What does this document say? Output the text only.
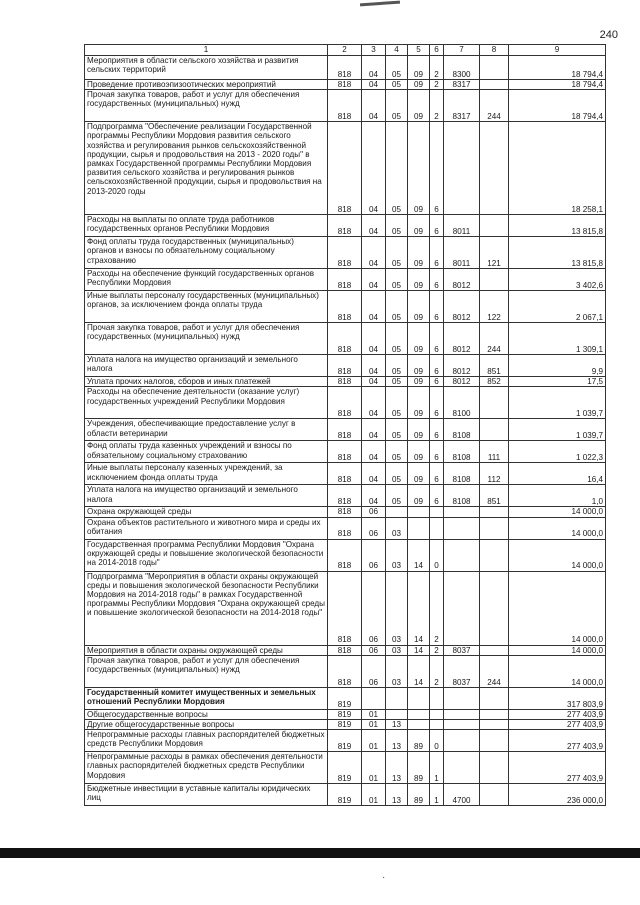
240
1	2	3	4	5	6	7	8	9
Мероприятия в области сельского хозяйства и развития сельских территорий	818	04	05	09	2	8300		18 794,4
Проведение противоэпизоотических мероприятий	818	04	05	09	2	8317		18 794,4
Прочая закупка товаров, работ и услуг для обеспечения государственных (муниципальных) нужд	818	04	05	09	2	8317	244	18 794,4
Подпрограмма "Обеспечение реализации Государственной программы Республики Мордовия развития сельского хозяйства и регулирования рынков сельскохозяйственной продукции, сырья и продовольствия на 2013 - 2020 годы" в рамках Государственной программы Республики Мордовия развития сельского хозяйства и регулирования рынков сельскохозяйственной продукции, сырья и продовольствия на 2013-2020 годы	818	04	05	09	6			18 258,1
Расходы на выплаты по оплате труда работников государственных органов Республики Мордовия	818	04	05	09	6	8011		13 815,8
Фонд оплаты труда государственных (муниципальных) органов и взносы по обязательному социальному страхованию	818	04	05	09	6	8011	121	13 815,8
Расходы на обеспечение функций государственных органов Республики Мордовия	818	04	05	09	6	8012		3 402,6
Иные выплаты персоналу государственных (муниципальных) органов, за исключением фонда оплаты труда	818	04	05	09	6	8012	122	2 067,1
Прочая закупка товаров, работ и услуг для обеспечения государственных (муниципальных) нужд	818	04	05	09	6	8012	244	1 309,1
Уплата налога на имущество организаций и земельного налога	818	04	05	09	6	8012	851	9,9
Уплата прочих налогов, сборов и иных платежей	818	04	05	09	6	8012	852	17,5
Расходы на обеспечение деятельности (оказание услуг) государственных учреждений Республики Мордовия	818	04	05	09	6	8100		1 039,7
Учреждения, обеспечивающие предоставление услуг в области ветеринарии	818	04	05	09	6	8108		1 039,7
Фонд оплаты труда казенных учреждений и взносы по обязательному социальному страхованию	818	04	05	09	6	8108	111	1 022,3
Иные выплаты персоналу казенных учреждений, за исключением фонда оплаты труда	818	04	05	09	6	8108	112	16,4
Уплата налога на имущество организаций и земельного налога	818	04	05	09	6	8108	851	1,0
Охрана окружающей среды	818	06						14 000,0
Охрана объектов растительного и животного мира и среды их обитания	818	06	03					14 000,0
Государственная программа Республики Мордовия "Охрана окружающей среды и повышение экологической безопасности на 2014-2018 годы"	818	06	03	14	0			14 000,0
Подпрограмма "Мероприятия в области охраны окружающей среды и повышения экологической безопасности Республики Мордовия на 2014-2018 годы" в рамках Государственной программы Республики Мордовия "Охрана окружающей среды и повышение экологической безопасности на 2014-2018 годы"	818	06	03	14	2			14 000,0
Мероприятия в области охраны окружающей среды	818	06	03	14	2	8037		14 000,0
Прочая закупка товаров, работ и услуг для обеспечения государственных (муниципальных) нужд	818	06	03	14	2	8037	244	14 000,0
Государственный комитет имущественных и земельных отношений Республики Мордовия	819							317 803,9
Общегосударственные вопросы	819	01						277 403,9
Другие общегосударственные вопросы	819	01	13					277 403,9
Непрограммные расходы главных распорядителей бюджетных средств Республики Мордовия	819	01	13	89	0			277 403,9
Непрограммные расходы в рамках обеспечения деятельности главных распорядителей бюджетных средств Республики Мордовия	819	01	13	89	1			277 403,9
Бюджетные инвестиции в уставные капиталы юридических лиц	819	01	13	89	1	4700		236 000,0
·
